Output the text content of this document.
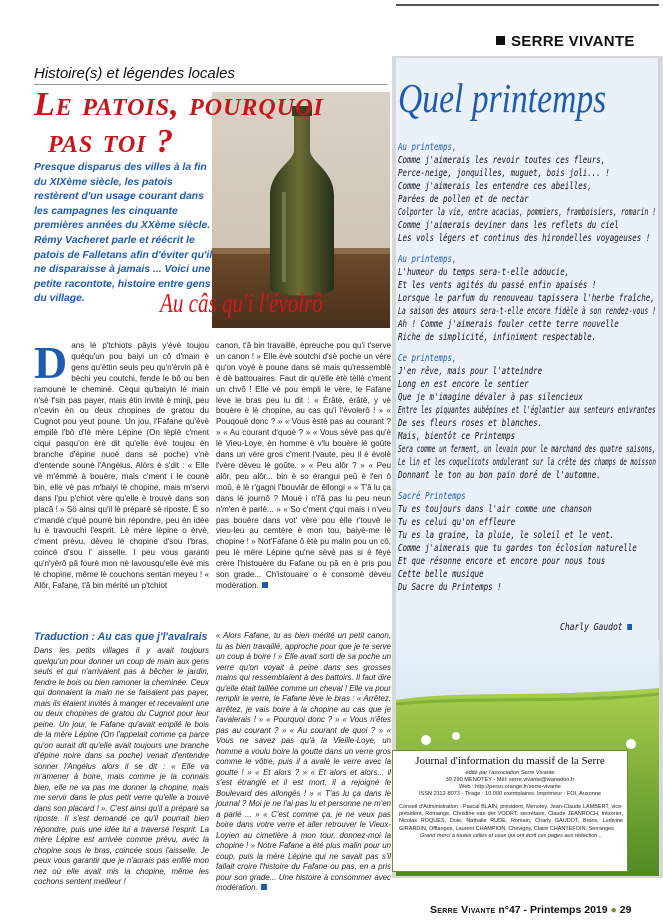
SERRE VIVANTE
Histoire(s) et légendes locales
Le patois, pourquoi
pas toi ?
Au câs qu'i l'évolrô
Presque disparus des villes à la fin du XIXème siècle, les patois restèrent d'un usage courant dans les campagnes les cinquante premières années du XXème siècle. Rémy Vacheret parle et réécrit le patois de Falletans afin d'éviter qu'il ne disparaisse à jamais ... Voici une petite racontote, histoire entre gens du village.
Dans lè p'tchiots pâyis y'évè toujou quéqu'un pou baiyi un cô d'main è gens qu'èttin seuls peu qu'n'èrvin pâ è bèchi yeu coutchi, fende le bô ou ben ramounè le cheminè. Cèqui qu'baiyin lè main n'sè f'sin pas payer, mais ètin invitè è minji, peu n'cevin èn ou deux chopines de gratou du Cugnot pou yeut poune. Un jou, l'Fafane qu'évè empilè l'bô d'lè mère Lépine (On lèplè c'ment ciqui pasqu'on èrè dit qu'elle èvè toujou èn branche d'épine nuoè dans sè poche) v'nè d'entende sounè l'Angèlus. Alörs è s'dit : « Elle vè m'émmè à bouère, mais c'ment i le counè bin, elle vè pas m'baiyi lè chopine, mais m'servi dans l'pu p'chiot vère qu'elle è trouvè dans son placâ ! » Sö ainsi qu'il lè préparè sè riposte. È so c'mandè c'qué pourrè bin répondre, peu èn idée lu è travouchi l'esprit. Lè mère lèpine o èrvè, c'ment prèvu, dèveu lè chopine d'sou l'bras, coincè d'sou l' aisselle. I peu vous garanti qu'n'yèrô pâ fourè mon nè lavousqu'elle èvè mis lè chopine, même lè couchons sentan meyeu ! « Alôr, Fafane, t'â bin mérité un p'tchiot
canon, t'â bin travaillè, èpreuche pou qu'i t'serve un canon ! » Elle èvè soutchi d'sè poche un vère qu'on voyè è poune dans sè mais qu'ressemblè è dè battouaires. Faut dir qu'èlle ètè tèllè c'ment un chvô ! Elle vè pou empli le vère, le Fafane leve le bras peu lu dit : « Èrâtè, èrâtè, y vè bouère è lè chopine, au cas qu'i l'évolerô ! » « Pouqouè donc ? » « Vous èstè pas au courant ? » « Au courant d'quoè ? » « Vous sèvè pas qu'è lè Vieu-Loye, èn homme è v'lu bouère lè goûte dans un vère gros c'ment l'vaute, peu il è évolè l'vère dèveu lè goûte. » « Peu alôr ? » « Peu alôr, peu alôr... bin è so èrangui peû è l'en ô moû, è lè r'gagni l'bouvlâr de êllongi » « T'â lu ça dans lè journô ? Moué i n'l'â pas lu peu neun n'm'en è parlè... » « So c'ment ç'qui mais i n'veu pas bouère dans vot' vère pou èlle r'touvè le vieu-leu au cemtère è mon tou, baiyè-me lè chopine ! » Not'Fafane ô ètè pu malin pou un cô, peu lè mère Lépine qu'ne sèvè pas si è fèyè crère l'histouère du Fafane ou pâ en è pris pou son grade... Ch'istouaire o è consomè dèveu modèration.
Traduction : Au cas que j'l'avalrais
Dans les petits villages il y avait toujours quelqu'un pour donner un coup de main aux gens seuls et qui n'arrivaient pas à bêcher le jardin, fendre le bois ou bien ramoner la cheminée. Ceux qui donnaient la main ne se faisaient pas payer, mais ils étaient invités à manger et recevaient une ou deux chopines de gratou du Cugnot pour leur peine. Un jour, le Fafane qu'avait empilé le bois de la mère Lépine (On l'appelait comme ça parce qu'on aurait dit qu'elle avait toujours une branche d'épine noire dans sa poche) venait d'entendre sonner l'Angélus alors il se dit : « Elle va m'amener à boire, mais comme je la connais bien, elle ne va pas me donner la chopine, mais me servir dans le plus petit verre qu'elle a trouvé dans son placard ! ». C'est ainsi qu'il a préparé sa riposte. Il s'est demandé ce qu'il pourrait bien répondre, puis une idée lui a traversé l'esprit. La mère Lépine est arrivée comme prévu, avec la chopine sous le bras, coincée sous l'aisselle. Je peux vous garantir que je n'aurais pas enfilé mon nez où elle avait mis la chopine, même les cochons sentent meilleur !
« Alors Fafane, tu as bien mérité un petit canon, tu as bien travaillé, approche pour que je te serve un coup à boire ! » Elle avait sorti de sa poche un verre qu'on voyait à peine dans ses grosses mains qui ressemblaient à des battoirs. Il faut dire qu'elle était taillée comme un cheval ! Elle va pour remplir le verre, le Fafane lève le bras : « Arrêtez, arrêtez, je vais boire à la chopine au cas que je l'avalerais ! » « Pourquoi donc ? » « Vous n'êtes pas au courant ? » « Au courant de quoi ? » « Vous ne savez pas qu'à la Vieille-Loye, un homme a voulu boire la goutte dans un verre gros comme le vôtre, puis il a avalé le verre avec la goutte ! » « Et alors ? » « Et alors et alors... il s'est étranglé et il est mort, il a rejoigné le Boulevard des allongés ! » « T'as lu ça dans le journal ? Moi je ne l'ai pas lu et personne ne m'en a parlé ... » « C'est comme ça, je ne veux pas boire dans votre verre et aller retrouver le Vieux-Loyien au cimetière à mon tour, donnez-moi la chopine ! » Notre Fafane a été plus malin pour un coup, puis la mère Lépine qui ne savait pas s'il fallait croire l'histoire du Fafane ou pas, en a pris pour son grade... Une histoire à consommer avec modération.
Quel printemps
Au printemps,
Comme j'aimerais les revoir toutes ces fleurs,
Perce-neige, jonquilles, muguet, bois joli... !
Comme j'aimerais les entendre ces abeilles,
Parées de pollen et de nectar
Colporter la vie, entre acacias, pommiers, framboisiers, romarin !
Comme j'aimerais deviner dans les reflets du ciel
Les vols légers et continus des hirondelles voyageuses !
Au printemps,
L'humeur du temps sera-t-elle adoucie,
Et les vents agités du passé enfin apaisés !
Lorsque le parfum du renouveau tapissera l'herbe fraîche,
La saison des amours sera-t-elle encore fidèle à son rendez-vous !
Ah ! Comme j'aimerais fouler cette terre nouvelle
Riche de simplicité, infiniment respectable.
Ce printemps,
J'en rêve, mais pour l'atteindre
Long en est encore le sentier
Que je m'imagine dévaler à pas silencieux
Entre les piquantes aubépines et l'églantier aux senteurs enivrantes
De ses fleurs roses et blanches.
Mais, bientôt ce Printemps
Sera comme un ferment, un levain pour le marchand des quatre saisons,
Le lin et les coquelicots ondulerant sur la crête des champs de moisson
Donnant le ton au bon pain doré de l'automne.
Sacré Printemps
Tu es toujours dans l'air comme une chanson
Tu es celui qu'on effleure
Tu es la graine, la pluie, le soleil et le vent.
Comme j'aimerais que tu gardes ton éclosion naturelle
Et que résonne encore et encore pour nous tous
Cette belle musique
Du Sacre du Printemps !
Charly Gaudot
Journal d'information du massif de la Serre
édité par l'association Serre Vivante
39 290 MENOTEY - Mél: serre.vivante@wanadoo.fr
Web : http://perso.orange.fr/serre-vivante
ISSN 2112-8073 - Tirage : 10.000 exemplaires. Imprimeur : FOI, Auxonne
Conseil d'Administration : Pascal BLAIN, président, Menotey, Jean-Claude LAMBERT, vice-président, Romange, Christine van der VOORT, secrétaire, Claude JEANROCH, trésorier, Nicolas ROQUES, Dole, Nathalie RUDE, Romain, Charly GAUDOT, Brans, Ludivine GIRARDIN, Offlanges, Laurent CHAMPION, Chevigny, Claire CHANTEFOIN, Serranges
Grand merci à toutes celles et ceux qui ont écrit ces pages aux rédaction...
Serre Vivante n°47 - Printemps 2019 ● 29
